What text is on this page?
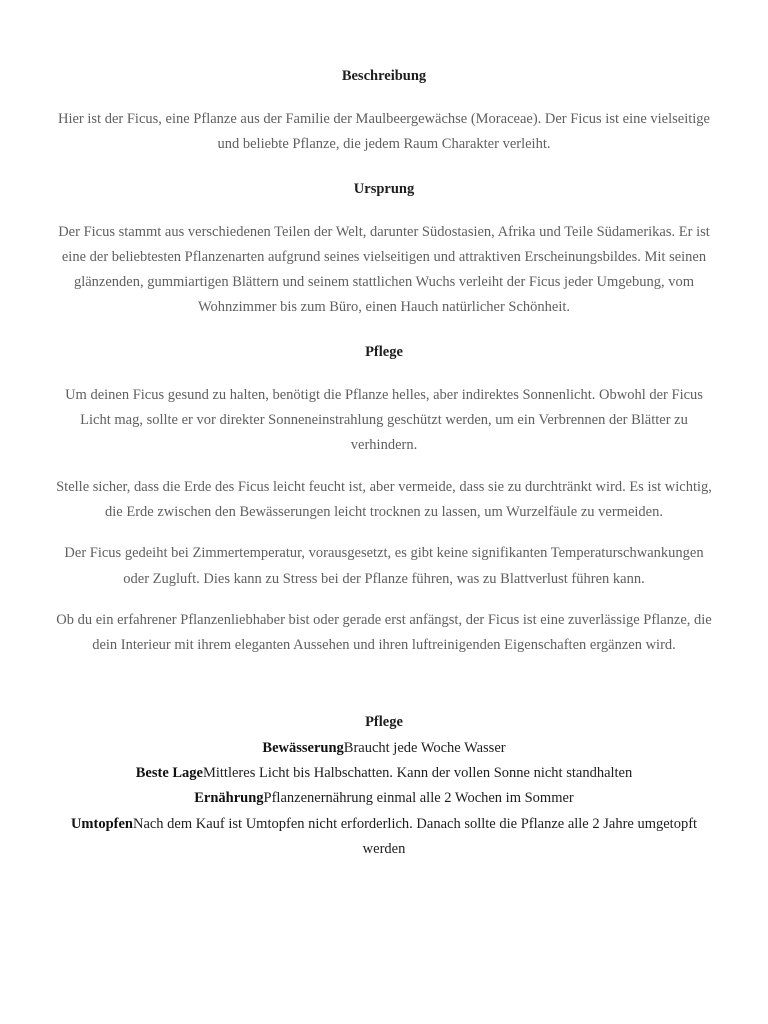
Beschreibung

Hier ist der Ficus, eine Pflanze aus der Familie der Maulbeergewächse (Moraceae). Der Ficus ist eine vielseitige und beliebte Pflanze, die jedem Raum Charakter verleiht.

Ursprung

Der Ficus stammt aus verschiedenen Teilen der Welt, darunter Südostasien, Afrika und Teile Südamerikas. Er ist eine der beliebtesten Pflanzenarten aufgrund seines vielseitigen und attraktiven Erscheinungsbildes. Mit seinen glänzenden, gummiartigen Blättern und seinem stattlichen Wuchs verleiht der Ficus jeder Umgebung, vom Wohnzimmer bis zum Büro, einen Hauch natürlicher Schönheit.

Pflege

Um deinen Ficus gesund zu halten, benötigt die Pflanze helles, aber indirektes Sonnenlicht. Obwohl der Ficus Licht mag, sollte er vor direkter Sonneneinstrahlung geschützt werden, um ein Verbrennen der Blätter zu verhindern.

Stelle sicher, dass die Erde des Ficus leicht feucht ist, aber vermeide, dass sie zu durchtränkt wird. Es ist wichtig, die Erde zwischen den Bewässerungen leicht trocknen zu lassen, um Wurzelfäule zu vermeiden.

Der Ficus gedeiht bei Zimmertemperatur, vorausgesetzt, es gibt keine signifikanten Temperaturschwankungen oder Zugluft. Dies kann zu Stress bei der Pflanze führen, was zu Blattverlust führen kann.

Ob du ein erfahrener Pflanzenliebhaber bist oder gerade erst anfängst, der Ficus ist eine zuverlässige Pflanze, die dein Interieur mit ihrem eleganten Aussehen und ihren luftreinigenden Eigenschaften ergänzen wird.

Pflege
BewässerungBraucht jede Woche Wasser
Beste LageMittleres Licht bis Halbschatten. Kann der vollen Sonne nicht standhalten
ErnährungPflanzenernährung einmal alle 2 Wochen im Sommer
UmtopfenNach dem Kauf ist Umtopfen nicht erforderlich. Danach sollte die Pflanze alle 2 Jahre umgetopft werden
